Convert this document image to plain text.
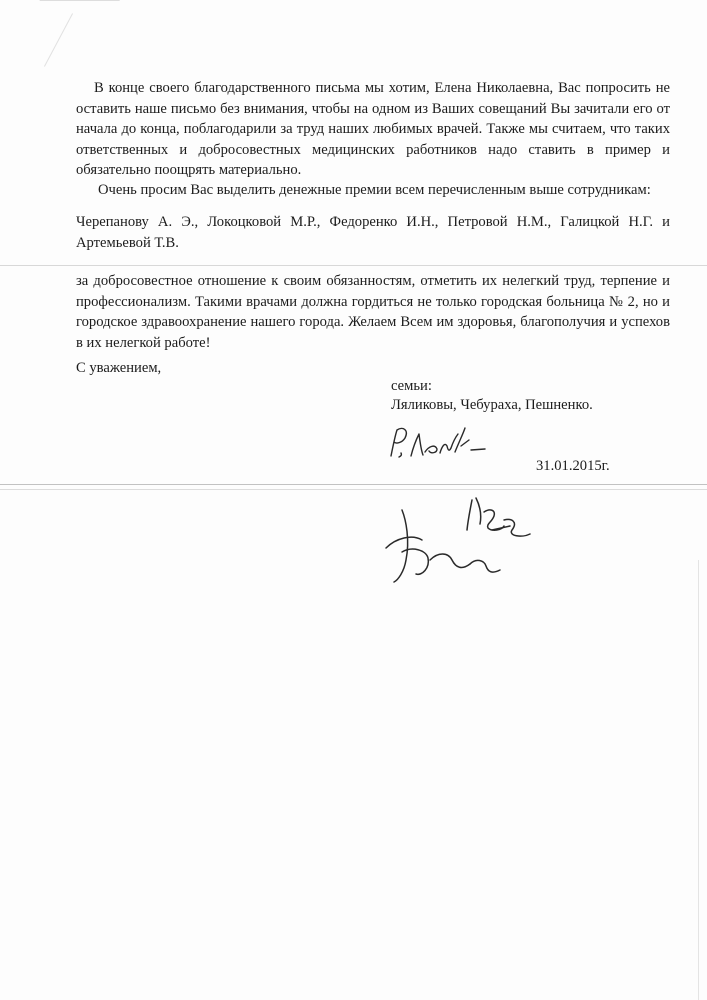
В конце своего благодарственного письма мы хотим, Елена Николаевна, Вас попросить не оставить наше письмо без внимания, чтобы на одном из Ваших совещаний Вы зачитали его от начала до конца, поблагодарили за труд наших любимых врачей. Также мы считаем, что таких ответственных и добросовестных медицинских работников надо ставить в пример и обязательно поощрять материально.

Очень просим Вас выделить денежные премии всем перечисленным выше сотрудникам:

Черепанову А. Э., Локоцковой М.Р., Федоренко И.Н., Петровой Н.М., Галицкой Н.Г. и Артемьевой Т.В.

за добросовестное отношение к своим обязанностям, отметить их нелегкий труд, терпение и профессионализм. Такими врачами должна гордиться не только городская больница № 2, но и городское здравоохранение нашего города. Желаем Всем им здоровья, благополучия и успехов в их нелегкой работе!

С уважением,

семьи:
Ляликовы, Чебураха, Пешненко.

31.01.2015г.
